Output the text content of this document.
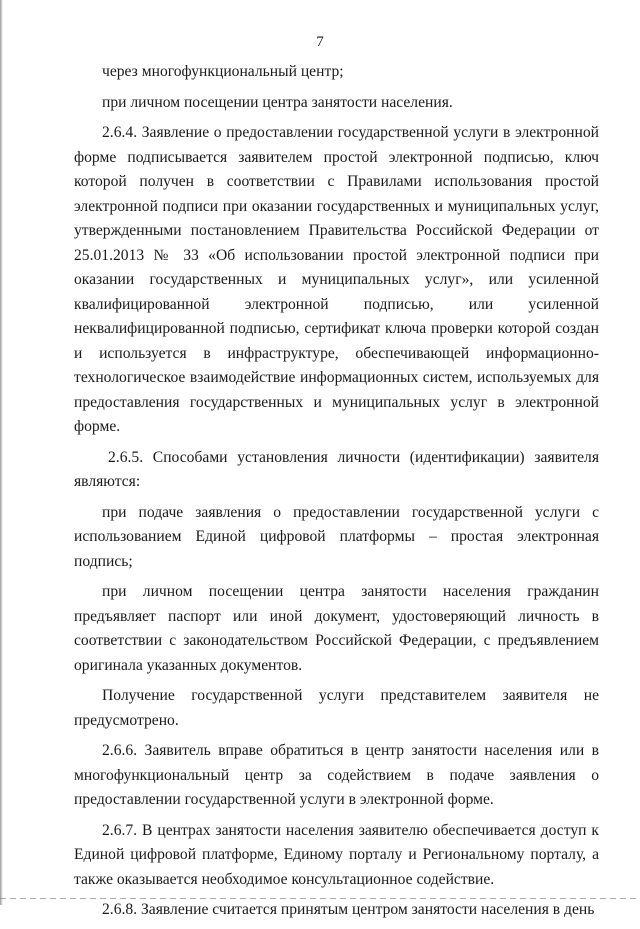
7

через многофункциональный центр;

при личном посещении центра занятости населения.

2.6.4. Заявление о предоставлении государственной услуги в электронной форме подписывается заявителем простой электронной подписью, ключ которой получен в соответствии с Правилами использования простой электронной подписи при оказании государственных и муниципальных услуг, утвержденными постановлением Правительства Российской Федерации от 25.01.2013 № 33 «Об использовании простой электронной подписи при оказании государственных и муниципальных услуг», или усиленной квалифицированной электронной подписью, или усиленной неквалифицированной подписью, сертификат ключа проверки которой создан и используется в инфраструктуре, обеспечивающей информационно-технологическое взаимодействие информационных систем, используемых для предоставления государственных и муниципальных услуг в электронной форме.

2.6.5. Способами установления личности (идентификации) заявителя являются:

при подаче заявления о предоставлении государственной услуги с использованием Единой цифровой платформы – простая электронная подпись;

при личном посещении центра занятости населения гражданин предъявляет паспорт или иной документ, удостоверяющий личность в соответствии с законодательством Российской Федерации, с предъявлением оригинала указанных документов.

Получение государственной услуги представителем заявителя не предусмотрено.

2.6.6. Заявитель вправе обратиться в центр занятости населения или в многофункциональный центр за содействием в подаче заявления о предоставлении государственной услуги в электронной форме.

2.6.7. В центрах занятости населения заявителю обеспечивается доступ к Единой цифровой платформе, Единому порталу и Региональному порталу, а также оказывается необходимое консультационное содействие.

2.6.8. Заявление считается принятым центром занятости населения в день
